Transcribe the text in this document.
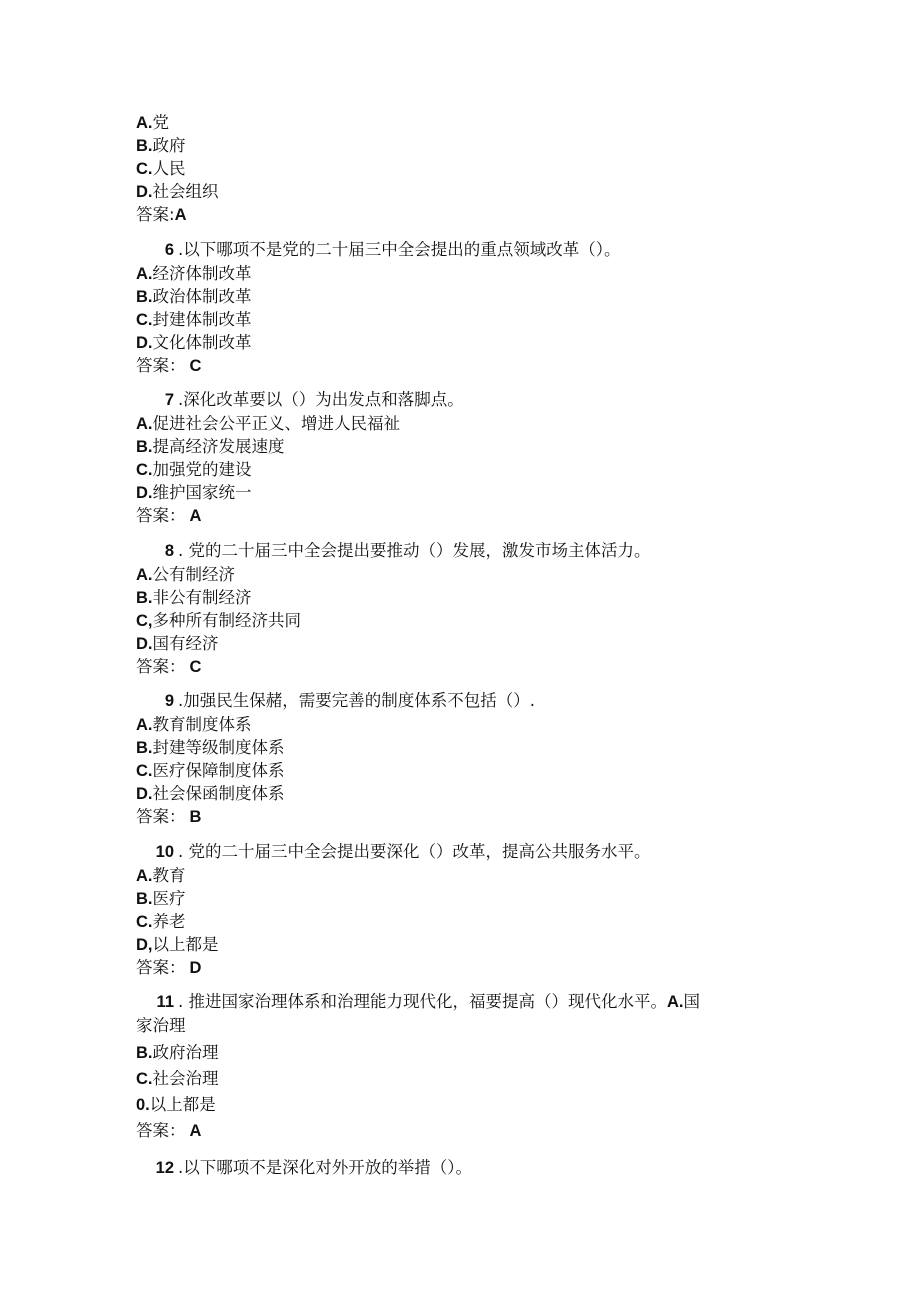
A.党
B.政府
C.人民
D.社会组织
答案:A
6 .以下哪项不是党的二十届三中全会提出的重点领域改革（）。
A.经济体制改革
B.政治体制改革
C.封建体制改革
D.文化体制改革
答案： C
7 .深化改革要以（）为出发点和落脚点。
A.促进社会公平正义、增进人民福祉
B.提高经济发展速度
C.加强党的建设
D.维护国家统一
答案： A
8 . 党的二十届三中全会提出要推动（）发展，激发市场主体活力。
A.公有制经济
B.非公有制经济
C,多种所有制经济共同
D.国有经济
答案： C
9 .加强民生保赭，需要完善的制度体系不包括（）.
A.教育制度体系
B.封建等级制度体系
C.医疗保障制度体系
D.社会保函制度体系
答案： B
10 . 党的二十届三中全会提出要深化（）改革，提高公共服务水平。
A.教育
B.医疗
C.养老
D,以上都是
答案： D
11 . 推进国家治理体系和治理能力现代化，福要提高（）现代化水平。A.国
家治理
B.政府治理
C.社会治理
0.以上都是
答案： A
12 .以下哪项不是深化对外开放的举措（）。
